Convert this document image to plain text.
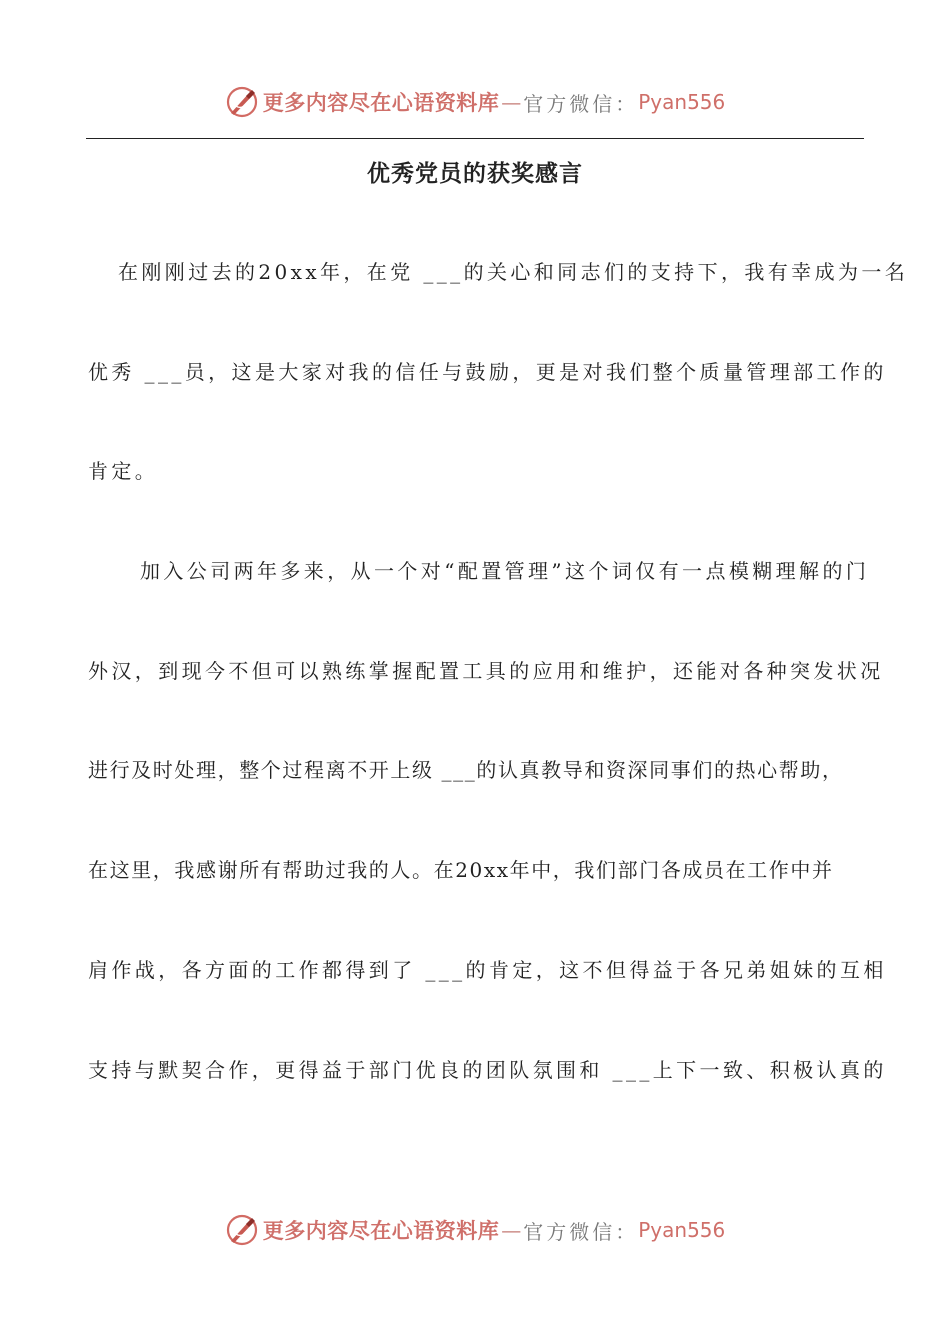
更多内容尽在心语资料库 — 官方微信： Pyan556
优秀党员的获奖感言
在刚刚过去的20xx年，在党 ___的关心和同志们的支持下，我有幸成为一名
优秀 ___员，这是大家对我的信任与鼓励，更是对我们整个质量管理部工作的
肯定。
加入公司两年多来，从一个对“配置管理”这个词仅有一点模糊理解的门
外汉，到现今不但可以熟练掌握配置工具的应用和维护，还能对各种突发状况
进行及时处理，整个过程离不开上级 ___的认真教导和资深同事们的热心帮助，
在这里，我感谢所有帮助过我的人。在20xx年中，我们部门各成员在工作中并
肩作战，各方面的工作都得到了 ___的肯定，这不但得益于各兄弟姐妹的互相
支持与默契合作，更得益于部门优良的团队氛围和 ___上下一致、积极认真的
更多内容尽在心语资料库 — 官方微信： Pyan556
